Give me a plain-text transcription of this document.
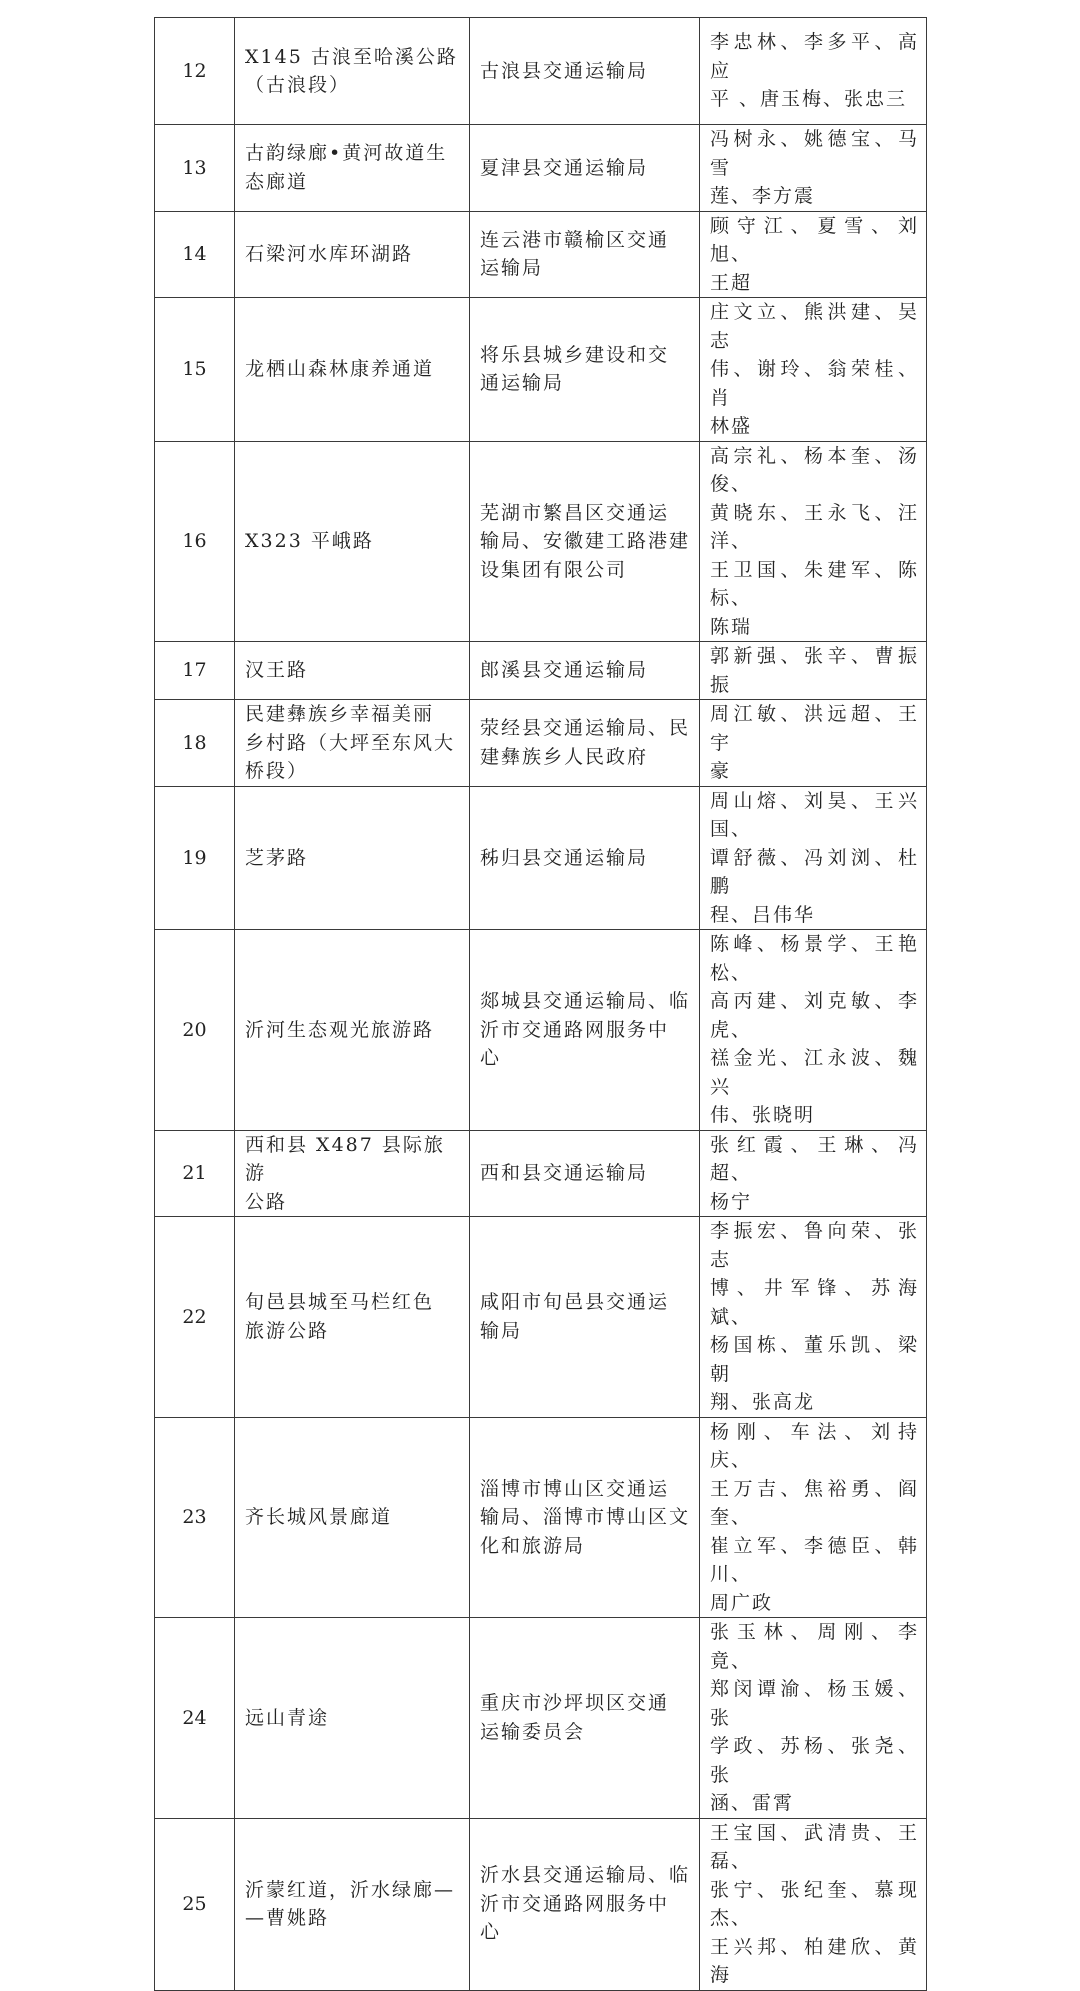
12	X145 古浪至哈溪公路
（古浪段）	古浪县交通运输局	李忠林、李多平、高应
平 、唐玉梅、张忠三

13	古韵绿廊•黄河故道生
态廊道	夏津县交通运输局	冯树永、姚德宝、马雪
莲、李方震

14	石梁河水库环湖路	连云港市赣榆区交通
运输局	顾守江、夏雪、刘旭、
王超

15	龙栖山森林康养通道	将乐县城乡建设和交
通运输局	庄文立、熊洪建、吴志
伟、谢玲、翁荣桂、肖
林盛

16	X323 平峨路	芜湖市繁昌区交通运
输局、安徽建工路港建
设集团有限公司	高宗礼、杨本奎、汤俊、
黄晓东、王永飞、汪洋、
王卫国、朱建军、陈标、
陈瑞

17	汉王路	郎溪县交通运输局	郭新强、张辛、曹振振

18	民建彝族乡幸福美丽
乡村路（大坪至东风大
桥段）	荥经县交通运输局、民
建彝族乡人民政府	周江敏、洪远超、王宇
豪

19	芝茅路	秭归县交通运输局	周山熔、刘昊、王兴国、
谭舒薇、冯刘浏、杜鹏
程、吕伟华

20	沂河生态观光旅游路	郯城县交通运输局、临
沂市交通路网服务中
心	陈峰、杨景学、王艳松、
高丙建、刘克敏、李虎、
禚金光、江永波、魏兴
伟、张晓明

21	西和县 X487 县际旅游
公路	西和县交通运输局	张红霞、王琳、冯超、
杨宁

22	旬邑县城至马栏红色
旅游公路	咸阳市旬邑县交通运
输局	李振宏、鲁向荣、张志
博、井军锋、苏海斌、
杨国栋、董乐凯、梁朝
翔、张高龙

23	齐长城风景廊道	淄博市博山区交通运
输局、淄博市博山区文
化和旅游局	杨刚、车法、刘持庆、
王万吉、焦裕勇、阎奎、
崔立军、李德臣、韩川、
周广政

24	远山青途	重庆市沙坪坝区交通
运输委员会	张玉林、周刚、李竟、
郑闵谭渝、杨玉媛、张
学政、苏杨、张尧、张
涵、雷霄

25	沂蒙红道，沂水绿廊—
—曹姚路	沂水县交通运输局、临
沂市交通路网服务中
心	王宝国、武清贵、王磊、
张宁、张纪奎、慕现杰、
王兴邦、柏建欣、黄海
